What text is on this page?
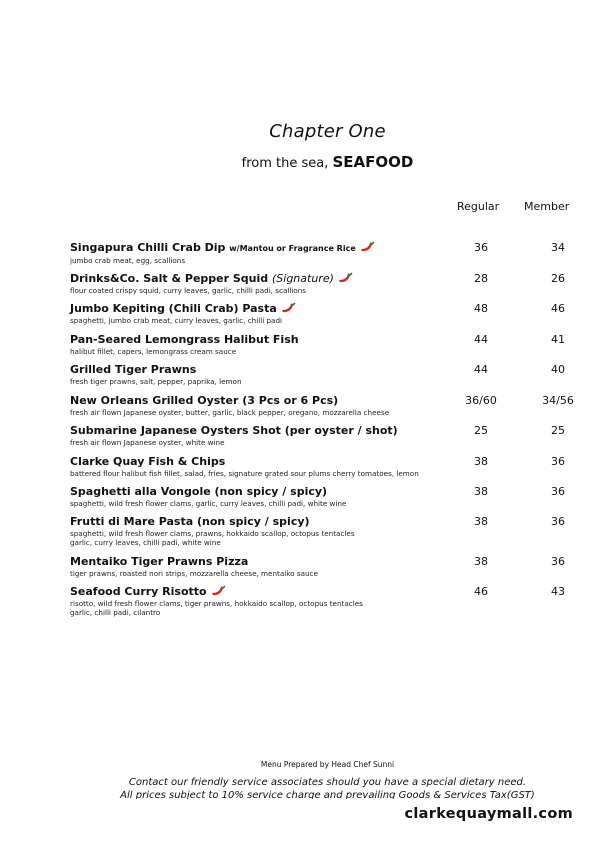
Chapter One
from the sea, SEAFOOD
Regular Member
Singapura Chilli Crab Dip w/Mantou or Fragrance Rice
jumbo crab meat, egg, scallions
36	34
Drinks&Co. Salt & Pepper Squid (Signature)
flour coated crispy squid, curry leaves, garlic, chilli padi, scallions
28	26
Jumbo Kepiting (Chili Crab) Pasta
spaghetti, jumbo crab meat, curry leaves, garlic, chilli padi
48	46
Pan-Seared Lemongrass Halibut Fish
halibut fillet, capers, lemongrass cream sauce
44	41
Grilled Tiger Prawns
fresh tiger prawns, salt, pepper, paprika, lemon
44	40
New Orleans Grilled Oyster (3 Pcs or 6 Pcs)
fresh air flown Japanese oyster, butter, garlic, black pepper, oregano, mozzarella cheese
36/60	34/56
Submarine Japanese Oysters Shot (per oyster / shot)
fresh air flown Japanese oyster, white wine
25	25
Clarke Quay Fish & Chips
battered flour halibut fish fillet, salad, fries, signature grated sour plums cherry tomatoes, lemon
38	36
Spaghetti alla Vongole (non spicy / spicy)
spaghetti, wild fresh flower clams, garlic, curry leaves, chilli padi, white wine
38	36
Frutti di Mare Pasta (non spicy / spicy)
spaghetti, wild fresh flower clams, prawns, hokkaido scallop, octopus tentacles
garlic, curry leaves, chilli padi, white wine
38	36
Mentaiko Tiger Prawns Pizza
tiger prawns, roasted nori strips, mozzarella cheese, mentaiko sauce
38	36
Seafood Curry Risotto
risotto, wild fresh flower clams, tiger prawns, hokkaido scallop, octopus tentacles
garlic, chilli padi, cilantro
46	43
Menu Prepared by Head Chef Sunni
Contact our friendly service associates should you have a special dietary need.
All prices subject to 10% service charge and prevailing Goods & Services Tax(GST)
clarkequaymall.com
